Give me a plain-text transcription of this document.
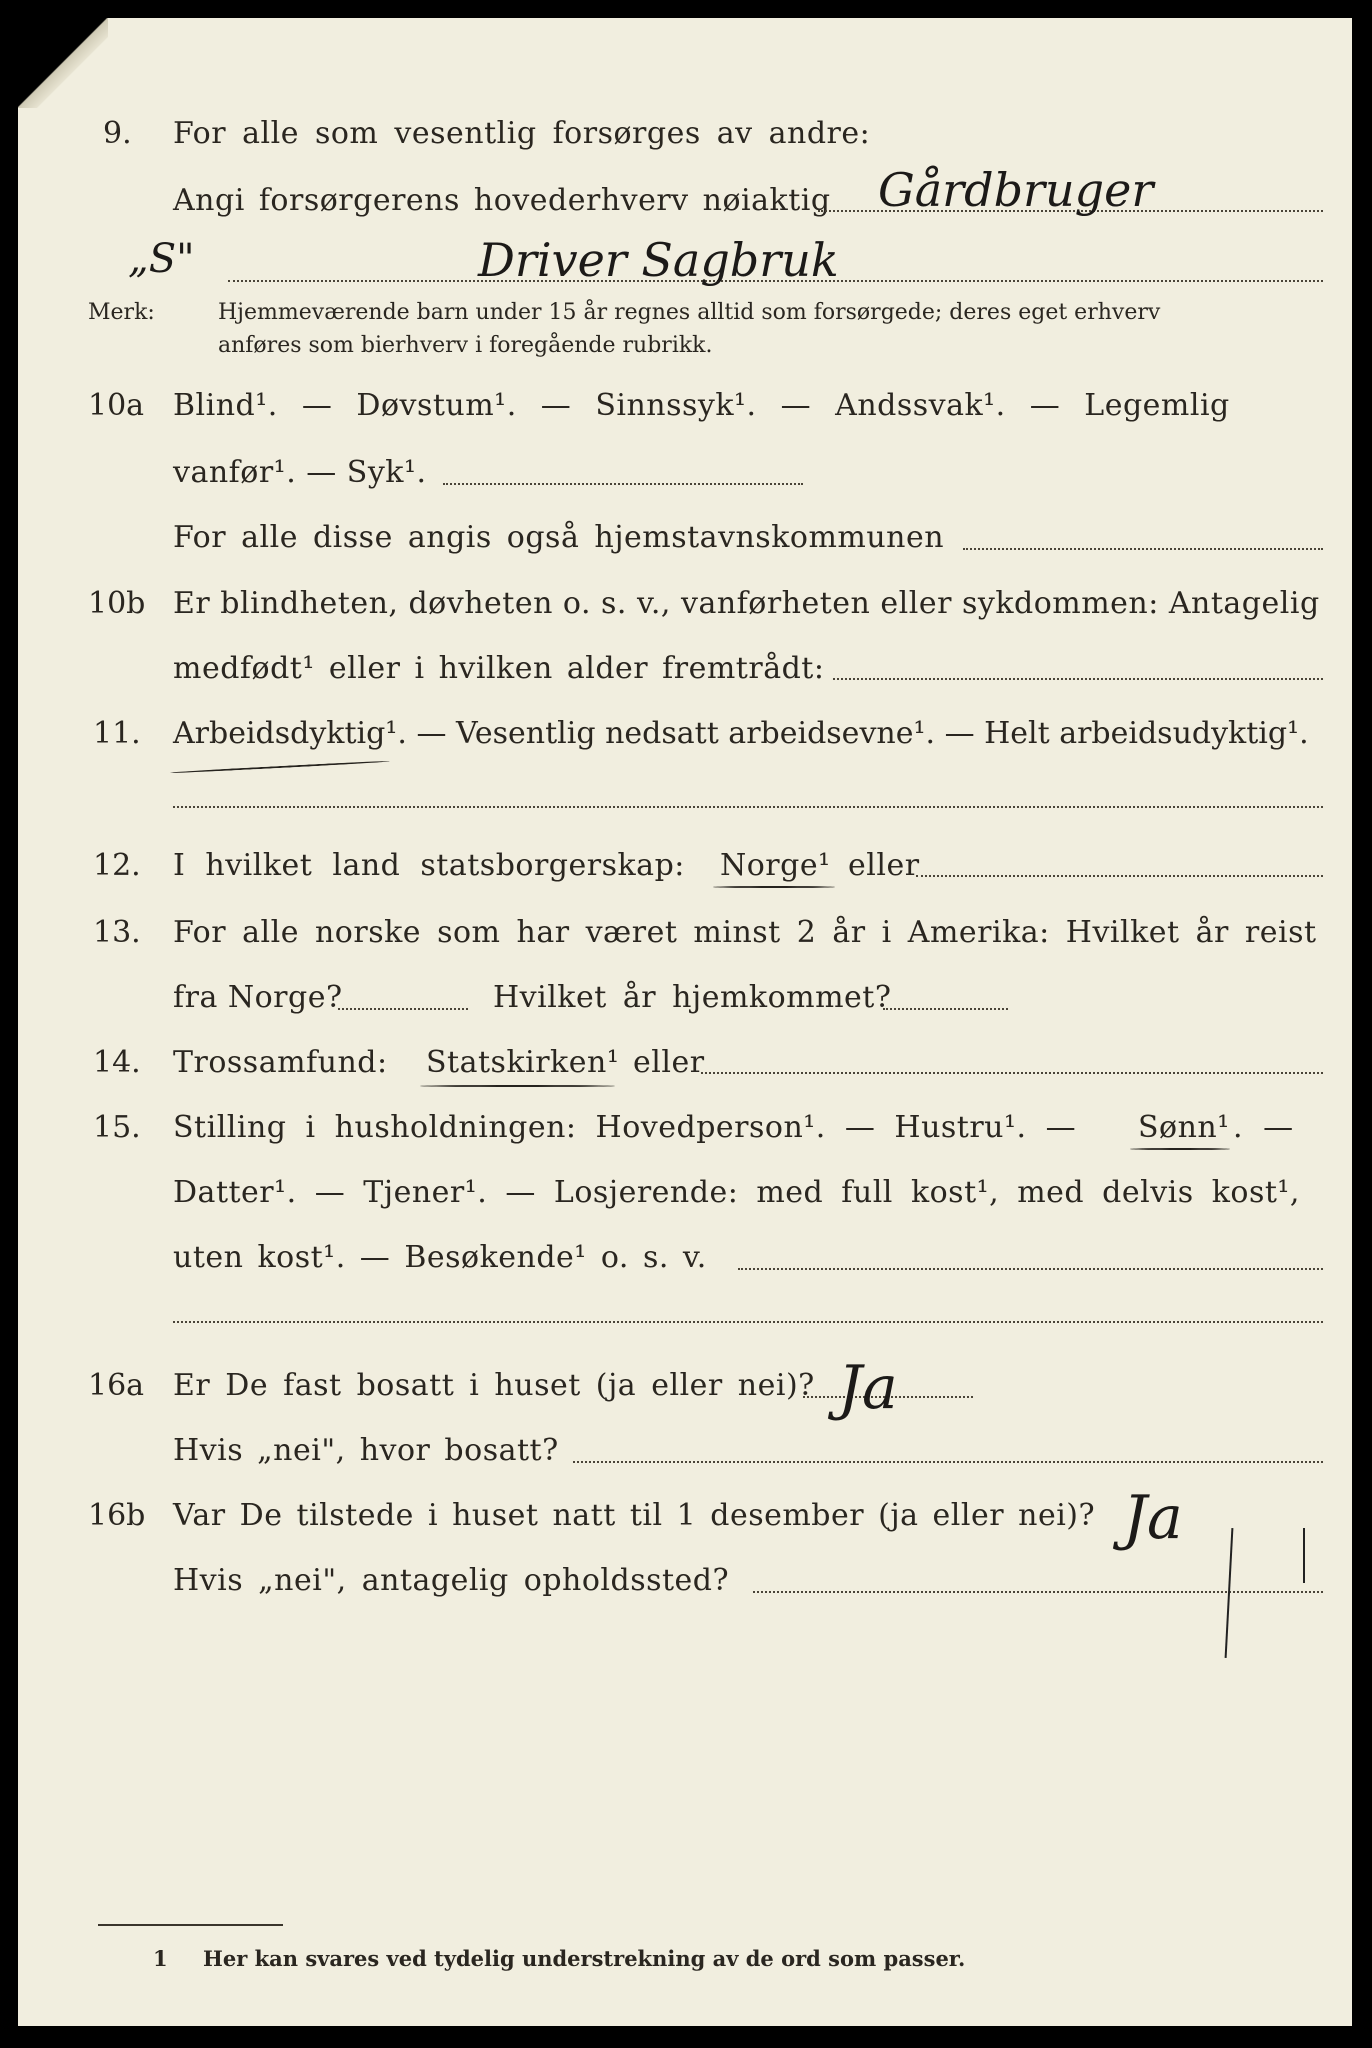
9. For alle som vesentlig forsørges av andre:
Angi forsørgerens hovederhverv nøiaktig Gårdbruger
„S"	Driver Sagbruk
Merk:	Hjemmeværende barn under 15 år regnes alltid som forsørgede; deres eget erhverv
anføres som bierhverv i foregående rubrikk.
10a Blind¹. — Døvstum¹. — Sinnssyk¹. — Andssvak¹. — Legemlig
vanfør¹. — Syk¹.
For alle disse angis også hjemstavnskommunen
10b Er blindheten, døvheten o. s. v., vanførheten eller sykdommen: Antagelig
medfødt¹ eller i hvilken alder fremtrådt:
11. Arbeidsdyktig¹. — Vesentlig nedsatt arbeidsevne¹. — Helt arbeidsudyktig¹.
12. I hvilket land statsborgerskap: Norge¹ eller
13. For alle norske som har været minst 2 år i Amerika: Hvilket år reist
fra Norge?	Hvilket år hjemkommet?
14. Trossamfund: Statskirken¹ eller
15. Stilling i husholdningen: Hovedperson¹. — Hustru¹. — Sønn¹ . —
Datter¹. — Tjener¹. — Losjerende: med full kost¹, med delvis kost¹,
uten kost¹. — Besøkende¹ o. s. v.
16a Er De fast bosatt i huset (ja eller nei)? Ja
Hvis „nei", hvor bosatt?
16b Var De tilstede i huset natt til 1 desember (ja eller nei)? Ja
Hvis „nei", antagelig opholdssted?
1 Her kan svares ved tydelig understrekning av de ord som passer.
